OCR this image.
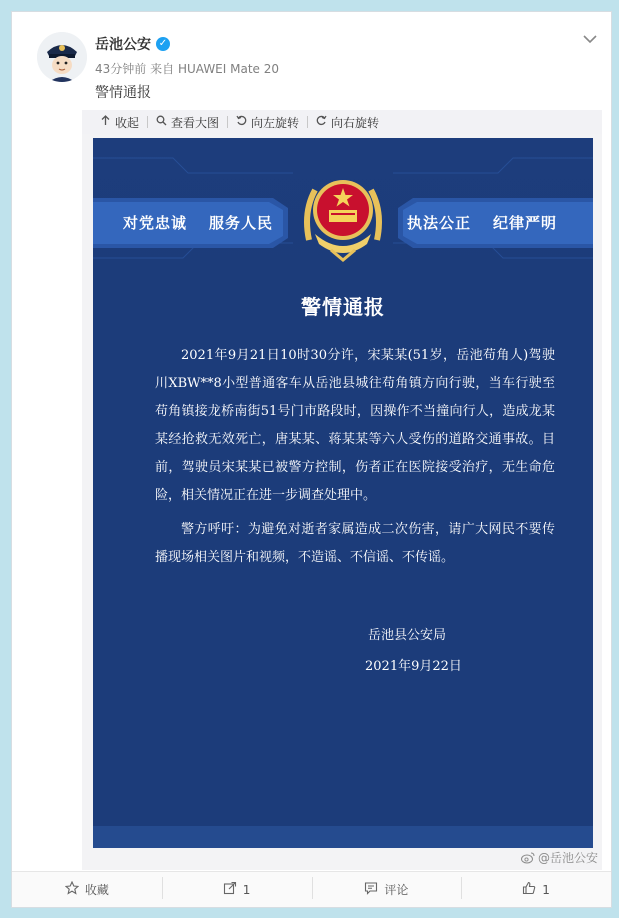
岳池公安 ✓
43分钟前 来自 HUAWEI Mate 20
警情通报
收起	查看大图	向左旋转	向右旋转
对党忠诚 服务人民	执法公正 纪律严明
警情通报

2021年9月21日10时30分许，宋某某(51岁，岳池苟角人)驾驶川XBW**8小型普通客车从岳池县城往苟角镇方向行驶，当车行驶至苟角镇接龙桥南街51号门市路段时，因操作不当撞向行人，造成龙某某经抢救无效死亡，唐某某、蒋某某等六人受伤的道路交通事故。目前，驾驶员宋某某已被警方控制，伤者正在医院接受治疗，无生命危险，相关情况正在进一步调查处理中。

警方呼吁：为避免对逝者家属造成二次伤害，请广大网民不要传播现场相关图片和视频，不造谣、不信谣、不传谣。

岳池县公安局
2021年9月22日
@岳池公安
收藏	1	评论	1
